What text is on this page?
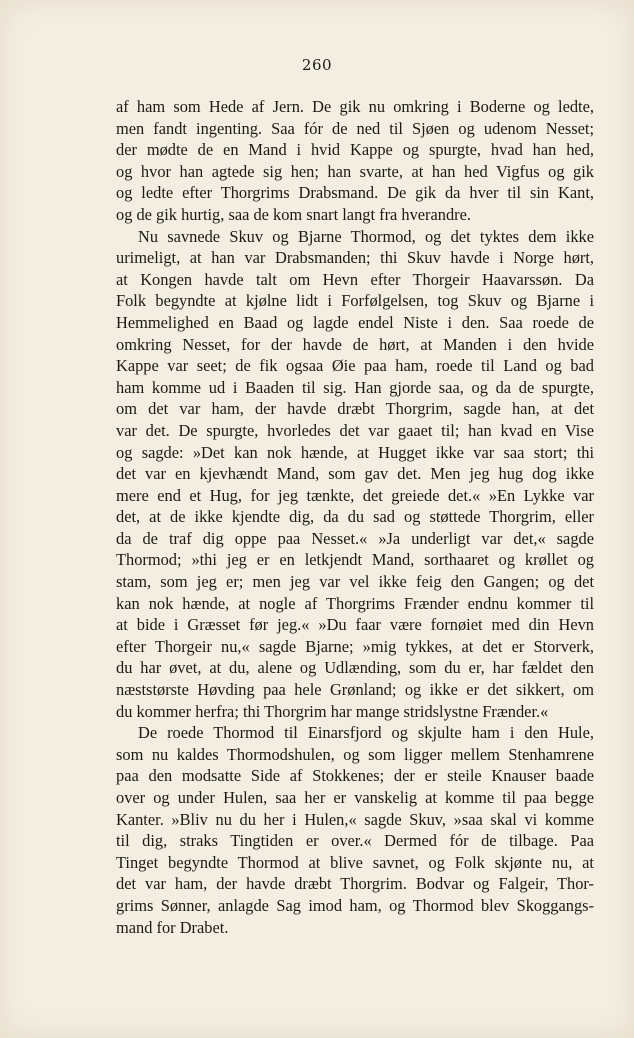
260
af ham som Hede af Jern. De gik nu omkring i Boderne og ledte,
men fandt ingenting. Saa fór de ned til Sjøen og udenom Nesset;
der mødte de en Mand i hvid Kappe og spurgte, hvad han hed,
og hvor han agtede sig hen; han svarte, at han hed Vigfus og gik
og ledte efter Thorgrims Drabsmand. De gik da hver til sin Kant,
og de gik hurtig, saa de kom snart langt fra hverandre.
Nu savnede Skuv og Bjarne Thormod, og det tyktes dem ikke
urimeligt, at han var Drabsmanden; thi Skuv havde i Norge hørt,
at Kongen havde talt om Hevn efter Thorgeir Haavarssøn. Da
Folk begyndte at kjølne lidt i Forfølgelsen, tog Skuv og Bjarne i
Hemmelighed en Baad og lagde endel Niste i den. Saa roede de
omkring Nesset, for der havde de hørt, at Manden i den hvide
Kappe var seet; de fik ogsaa Øie paa ham, roede til Land og bad
ham komme ud i Baaden til sig. Han gjorde saa, og da de spurgte,
om det var ham, der havde dræbt Thorgrim, sagde han, at det
var det. De spurgte, hvorledes det var gaaet til; han kvad en Vise
og sagde: »Det kan nok hænde, at Hugget ikke var saa stort; thi
det var en kjevhændt Mand, som gav det. Men jeg hug dog ikke
mere end et Hug, for jeg tænkte, det greiede det.« »En Lykke var
det, at de ikke kjendte dig, da du sad og støttede Thorgrim, eller
da de traf dig oppe paa Nesset.« »Ja underligt var det,« sagde
Thormod; »thi jeg er en letkjendt Mand, sorthaaret og krøllet og
stam, som jeg er; men jeg var vel ikke feig den Gangen; og det
kan nok hænde, at nogle af Thorgrims Frænder endnu kommer til
at bide i Græsset før jeg.« »Du faar være fornøiet med din Hevn
efter Thorgeir nu,« sagde Bjarne; »mig tykkes, at det er Storverk,
du har øvet, at du, alene og Udlænding, som du er, har fældet den
næststørste Høvding paa hele Grønland; og ikke er det sikkert, om
du kommer herfra; thi Thorgrim har mange stridslystne Frænder.«
De roede Thormod til Einarsfjord og skjulte ham i den Hule,
som nu kaldes Thormodshulen, og som ligger mellem Stenhamrene
paa den modsatte Side af Stokkenes; der er steile Knauser baade
over og under Hulen, saa her er vanskelig at komme til paa begge
Kanter. »Bliv nu du her i Hulen,« sagde Skuv, »saa skal vi komme
til dig, straks Tingtiden er over.« Dermed fór de tilbage. Paa
Tinget begyndte Thormod at blive savnet, og Folk skjønte nu, at
det var ham, der havde dræbt Thorgrim. Bodvar og Falgeir, Thor-
grims Sønner, anlagde Sag imod ham, og Thormod blev Skoggangs-
mand for Drabet.
